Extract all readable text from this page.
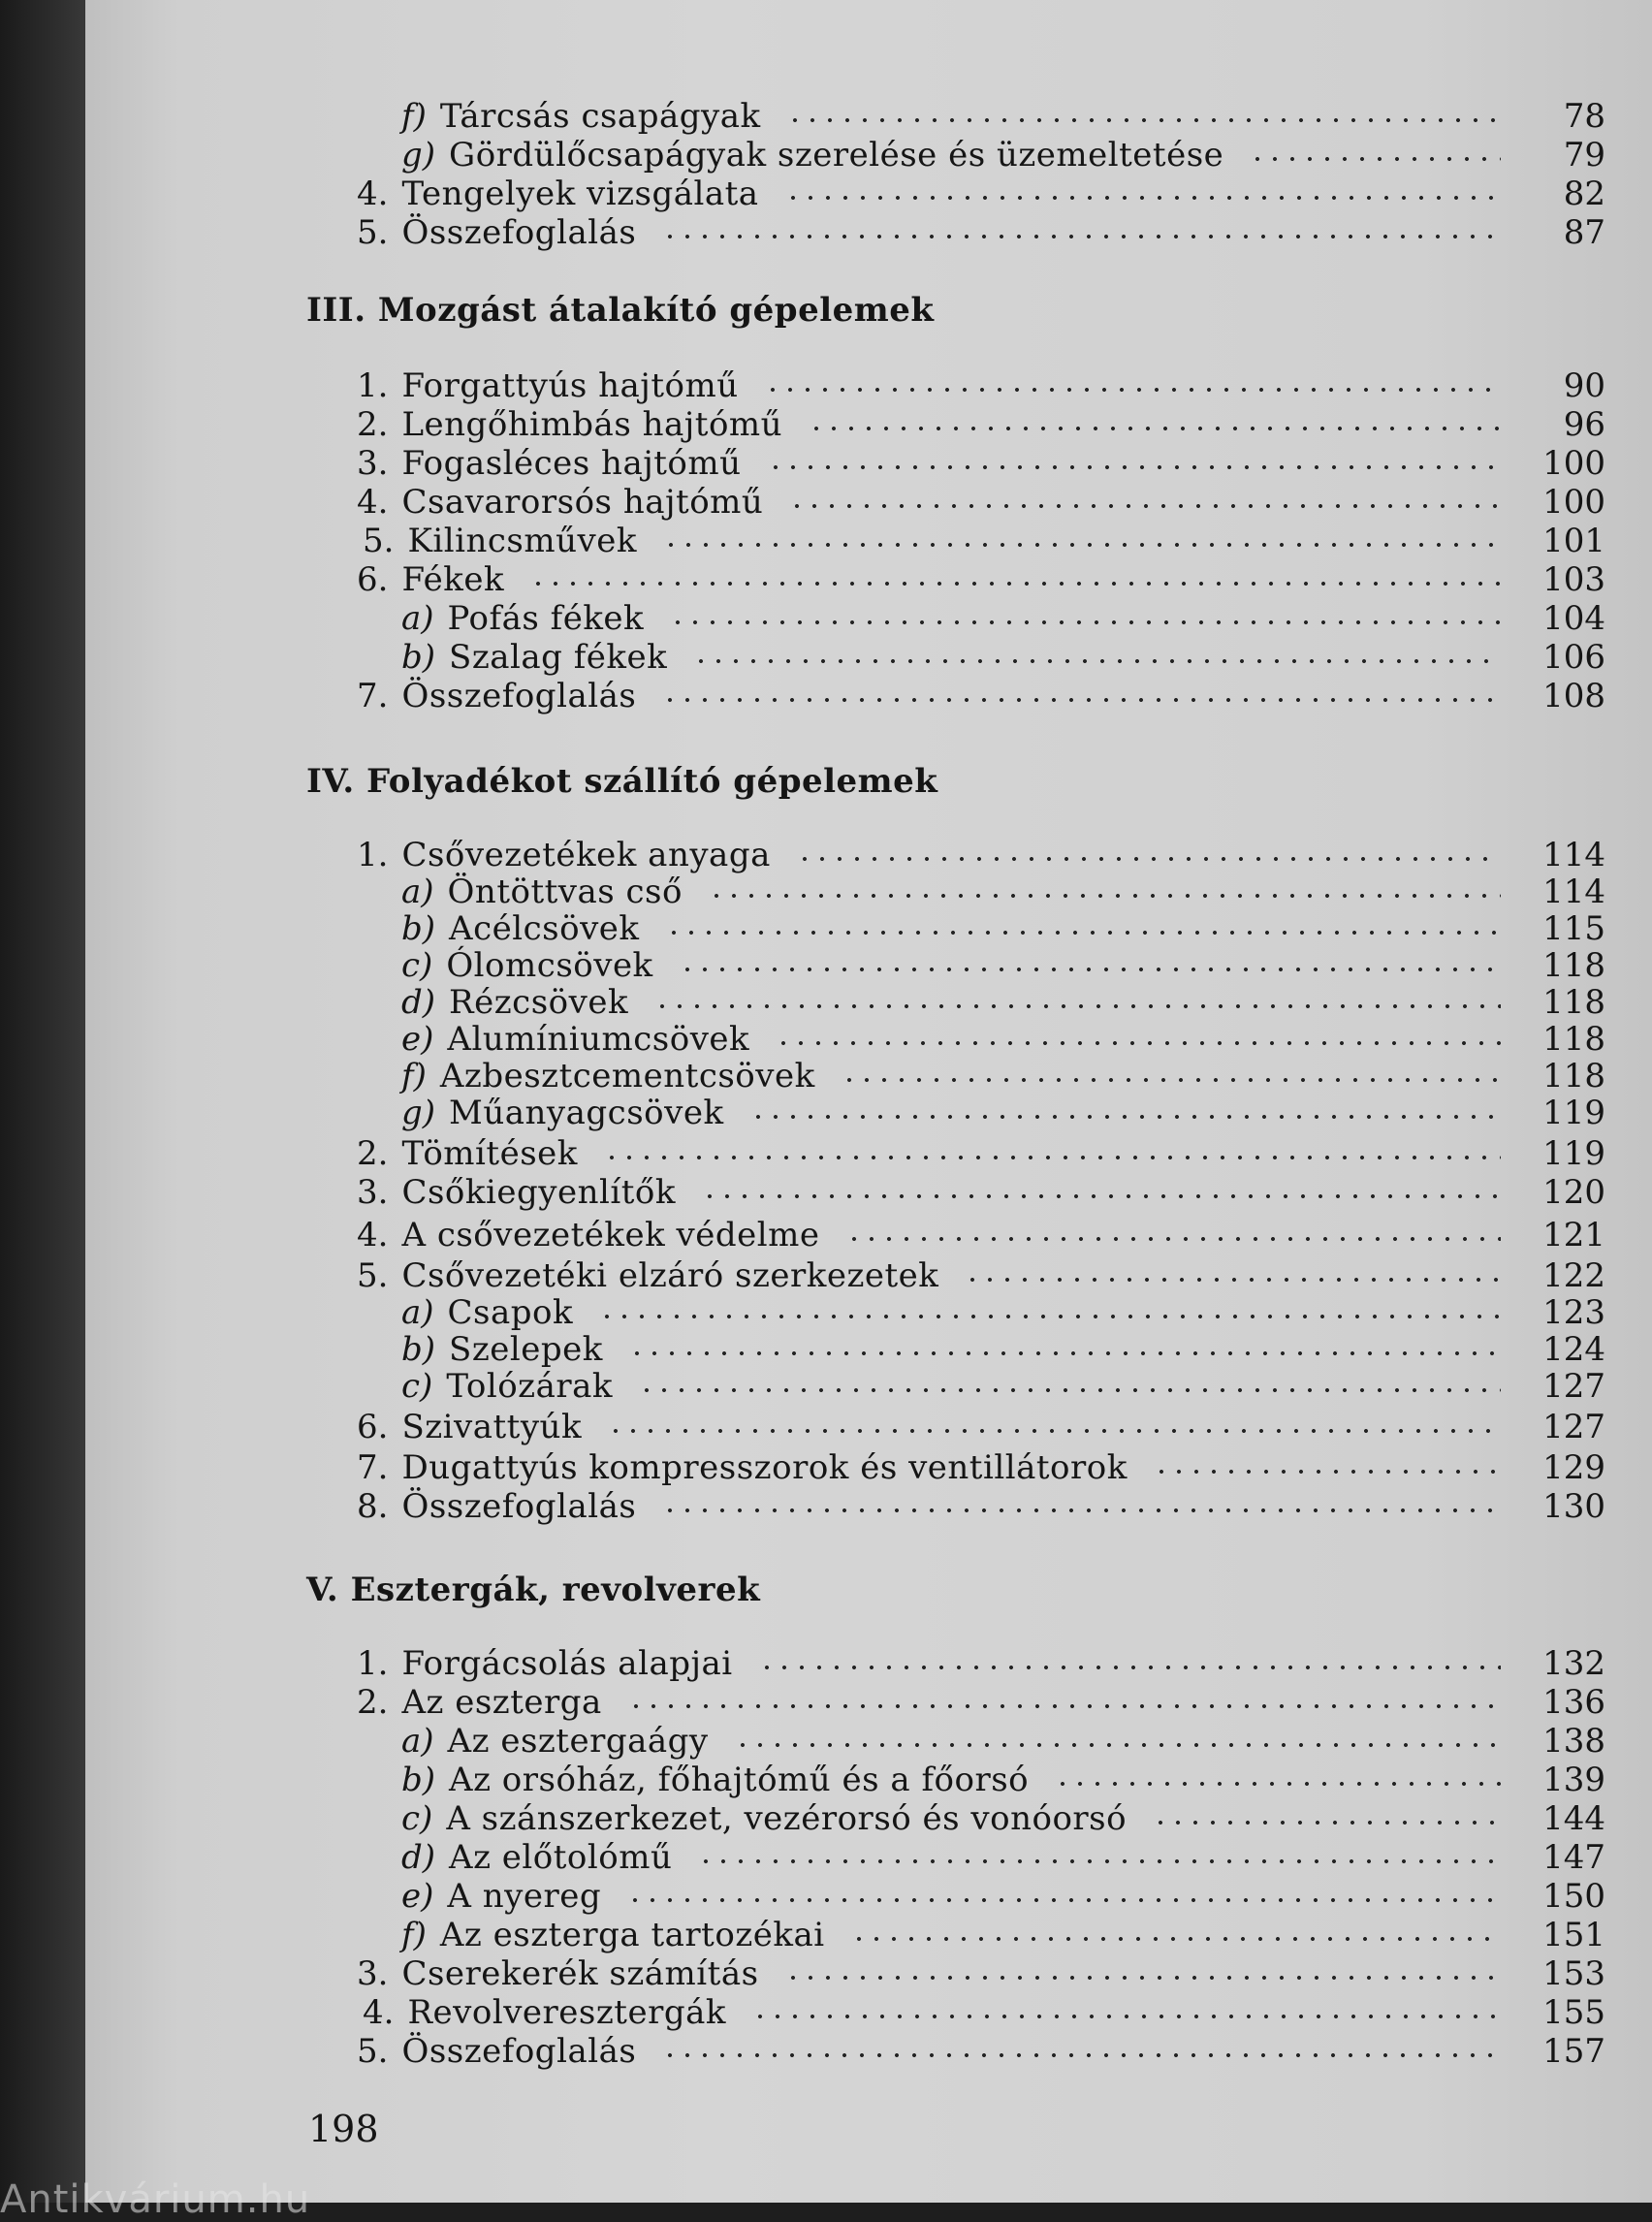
f) Tárcsás csapágyak	78
g) Gördülőcsapágyak szerelése és üzemeltetése	79
4. Tengelyek vizsgálata	82
5. Összefoglalás	87
III. Mozgást átalakító gépelemek
1. Forgattyús hajtómű	90
2. Lengőhimbás hajtómű	96
3. Fogasléces hajtómű	100
4. Csavarorsós hajtómű	100
5. Kilincsművek	101
6. Fékek	103
a) Pofás fékek	104
b) Szalag fékek	106
7. Összefoglalás	108
IV. Folyadékot szállító gépelemek
1. Csővezetékek anyaga	114
a) Öntöttvas cső	114
b) Acélcsövek	115
c) Ólomcsövek	118
d) Rézcsövek	118
e) Alumíniumcsövek	118
f) Azbesztcementcsövek	118
g) Műanyagcsövek	119
2. Tömítések	119
3. Csőkiegyenlítők	120
4. A csővezetékek védelme	121
5. Csővezetéki elzáró szerkezetek	122
a) Csapok	123
b) Szelepek	124
c) Tolózárak	127
6. Szivattyúk	127
7. Dugattyús kompresszorok és ventillátorok	129
8. Összefoglalás	130
V. Esztergák, revolverek
1. Forgácsolás alapjai	132
2. Az esztergа	136
a) Az esztergaágy	138
b) Az orsóház, főhajtómű és a főorsó	139
c) A szánszerkezet, vezérorsó és vonóorsó	144
d) Az előtolómű	147
e) A nyereg	150
f) Az esztergа tartozékai	151
3. Cserekerék számítás	153
4. Revolveresztergák	155
5. Összefoglalás	157
198
Antikvárium.hu
